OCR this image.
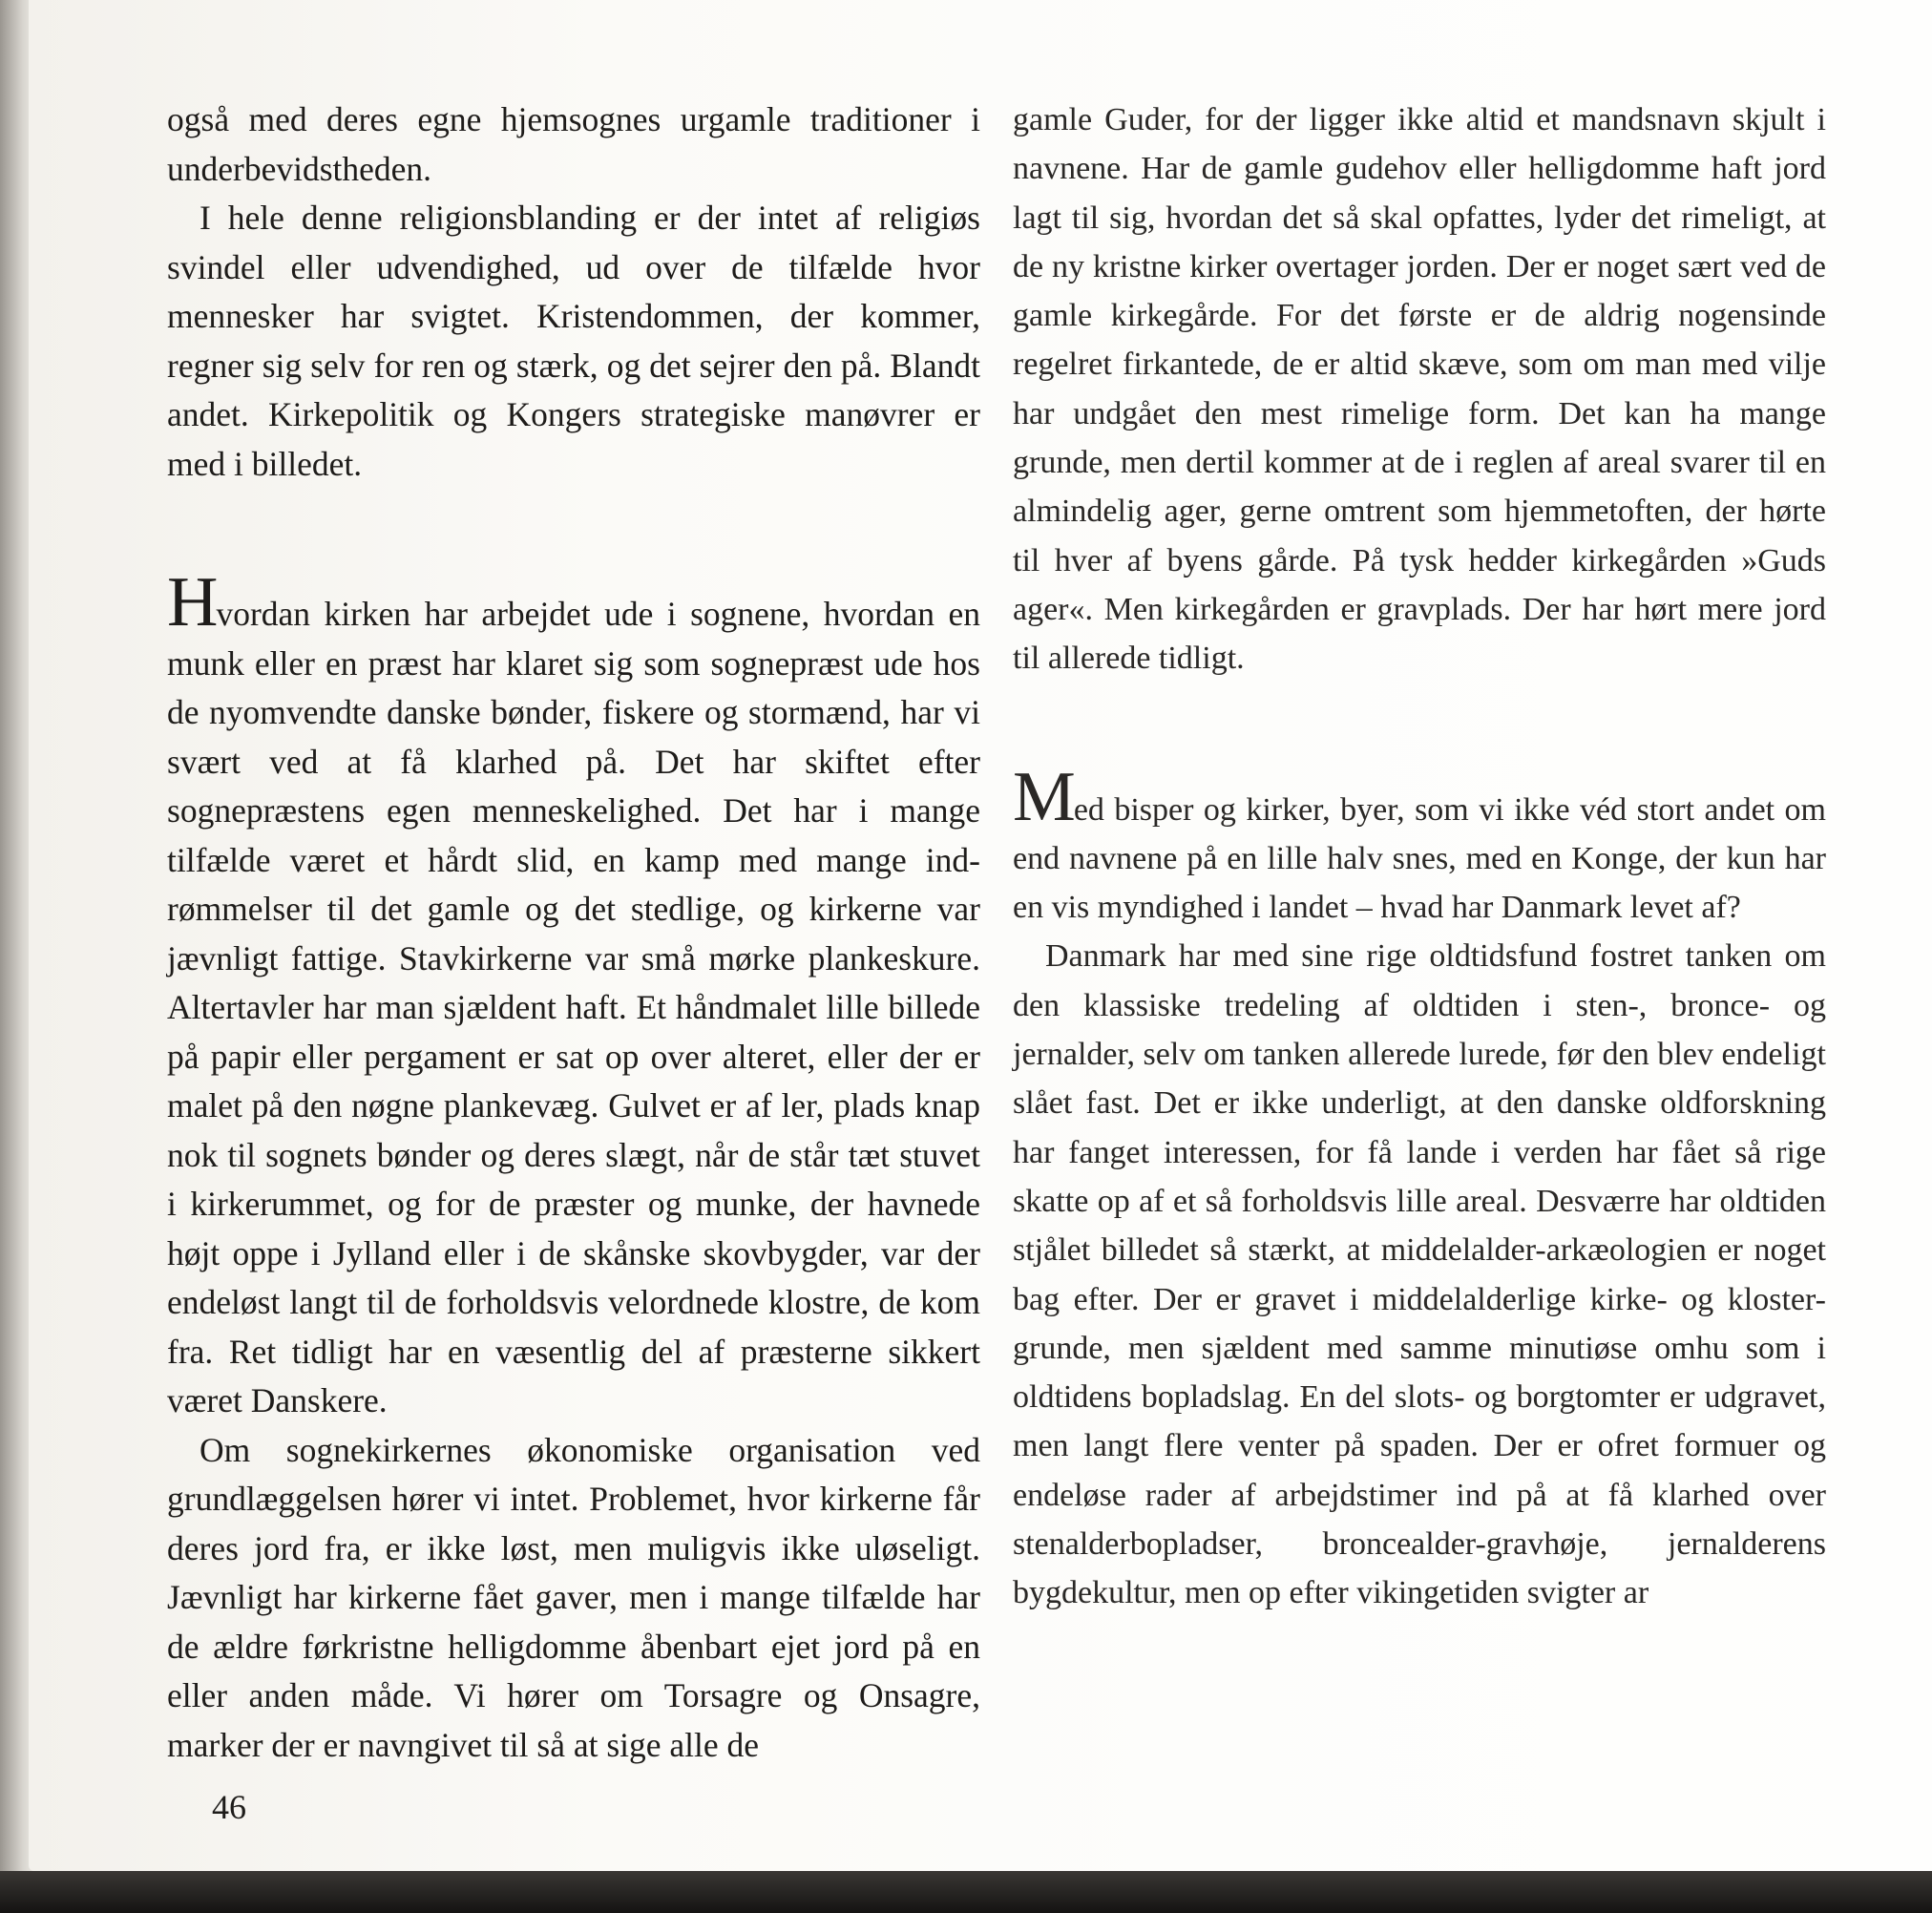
også med deres egne hjemsognes urgamle traditioner i underbevidstheden.

I hele denne religionsblanding er der intet af religiøs svindel eller udvendighed, ud over de tilfælde hvor mennesker har svigtet. Kristendommen, der kommer, regner sig selv for ren og stærk, og det sejrer den på. Blandt andet. Kirkepolitik og Kongers strategiske manøvrer er med i billedet.

Hvordan kirken har arbejdet ude i sognene, hvordan en munk eller en præst har klaret sig som sognepræst ude hos de nyomvendte danske bønder, fiskere og stormænd, har vi svært ved at få klarhed på. Det har skiftet efter sognepræstens egen menneskelighed. Det har i mange tilfælde været et hårdt slid, en kamp med mange indrømmelser til det gamle og det stedlige, og kirkerne var jævnligt fattige. Stavkirkerne var små mørke plankeskure. Altertavler har man sjældent haft. Et håndmalet lille billede på papir eller pergament er sat op over alteret, eller der er malet på den nøgne plankevæg. Gulvet er af ler, plads knap nok til sognets bønder og deres slægt, når de står tæt stuvet i kirkerummet, og for de præster og munke, der havnede højt oppe i Jylland eller i de skånske skovbygder, var der endeløst langt til de forholdsvis velordnede klostre, de kom fra. Ret tidligt har en væsentlig del af præsterne sikkert været Danskere.

Om sognekirkernes økonomiske organisation ved grundlæggelsen hører vi intet. Problemet, hvor kirkerne får deres jord fra, er ikke løst, men muligvis ikke uløseligt. Jævnligt har kirkerne fået gaver, men i mange tilfælde har de ældre førkristne helligdomme åbenbart ejet jord på en eller anden måde. Vi hører om Torsagre og Onsagre, marker der er navngivet til så at sige alle de

gamle Guder, for der ligger ikke altid et mandsnavn skjult i navnene. Har de gamle gudehov eller helligdomme haft jord lagt til sig, hvordan det så skal opfattes, lyder det rimeligt, at de ny kristne kirker overtager jorden. Der er noget sært ved de gamle kirkegårde. For det første er de aldrig nogensinde regelret firkantede, de er altid skæve, som om man med vilje har undgået den mest rimelige form. Det kan ha mange grunde, men dertil kommer at de i reglen af areal svarer til en almindelig ager, gerne omtrent som hjemmetoften, der hørte til hver af byens gårde. På tysk hedder kirkegården »Guds ager«. Men kirkegården er gravplads. Der har hørt mere jord til allerede tidligt.

Med bisper og kirker, byer, som vi ikke véd stort andet om end navnene på en lille halv snes, med en Konge, der kun har en vis myndighed i landet – hvad har Danmark levet af?

Danmark har med sine rige oldtidsfund fostret tanken om den klassiske tredeling af oldtiden i sten-, bronce- og jernalder, selv om tanken allerede lurede, før den blev endeligt slået fast. Det er ikke underligt, at den danske oldforskning har fanget interessen, for få lande i verden har fået så rige skatte op af et så forholdsvis lille areal. Desværre har oldtiden stjålet billedet så stærkt, at middelalder-arkæologien er noget bag efter. Der er gravet i middelalderlige kirke- og kloster-grunde, men sjældent med samme minutiøse omhu som i oldtidens bopladslag. En del slots- og borgtomter er udgravet, men langt flere venter på spaden. Der er ofret formuer og endeløse rader af arbejdstimer ind på at få klarhed over stenalderbopladser, broncealder-gravhøje, jernalderens bygdekultur, men op efter vikingetiden svigter ar

46
